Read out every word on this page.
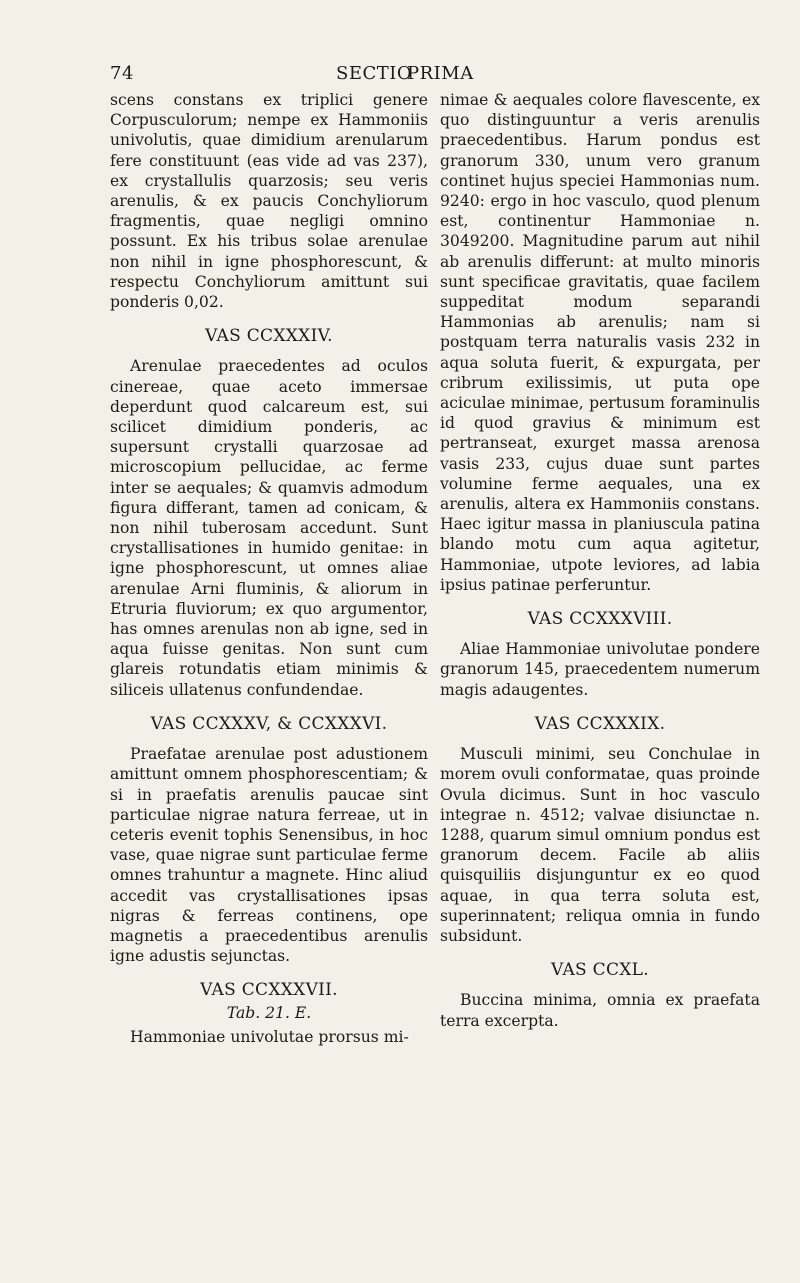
74	SECTIO
PRIMA

scens constans ex triplici genere Corpusculorum; nempe ex Hammoniis univolutis, quae dimidium arenularum fere constituunt (eas vide ad vas 237), ex crystallulis quarzosis; seu veris arenulis, & ex paucis Conchyliorum fragmentis, quae negligi omnino possunt. Ex his tribus solae arenulae non nihil in igne phosphorescunt, & respectu Conchyliorum amittunt sui ponderis 0,02.

VAS CCXXXIV.

Arenulae praecedentes ad oculos cinereae, quae aceto immersae deperdunt quod calcareum est, sui scilicet dimidium ponderis, ac supersunt crystalli quarzosae ad microscopium pellucidae, ac ferme inter se aequales; & quamvis admodum figura differant, tamen ad conicam, & non nihil tuberosam accedunt. Sunt crystallisationes in humido genitae: in igne phosphorescunt, ut omnes aliae arenulae Arni fluminis, & aliorum in Etruria fluviorum; ex quo argumentor, has omnes arenulas non ab igne, sed in aqua fuisse genitas. Non sunt cum glareis rotundatis etiam minimis & siliceis ullatenus confundendae.

VAS CCXXXV, & CCXXXVI.

Praefatae arenulae post adustionem amittunt omnem phosphorescentiam; & si in praefatis arenulis paucae sint particulae nigrae natura ferreae, ut in ceteris evenit tophis Senensibus, in hoc vase, quae nigrae sunt particulae ferme omnes trahuntur a magnete. Hinc aliud accedit vas crystallisationes ipsas nigras & ferreas continens, ope magnetis a praecedentibus arenulis igne adustis sejunctas.

VAS CCXXXVII.
Tab. 21. E.

Hammoniae univolutae prorsus mi-

nimae & aequales colore flavescente, ex quo distinguuntur a veris arenulis praecedentibus. Harum pondus est granorum 330, unum vero granum continet hujus speciei Hammonias num. 9240: ergo in hoc vasculo, quod plenum est, continentur Hammoniae n. 3049200. Magnitudine parum aut nihil ab arenulis differunt: at multo minoris sunt specificae gravitatis, quae facilem suppeditat modum separandi Hammonias ab arenulis; nam si postquam terra naturalis vasis 232 in aqua soluta fuerit, & expurgata, per cribrum exilissimis, ut puta ope aciculae minimae, pertusum foraminulis id quod gravius & minimum est pertranseat, exurget massa arenosa vasis 233, cujus duae sunt partes volumine ferme aequales, una ex arenulis, altera ex Hammoniis constans. Haec igitur massa in planiuscula patina blando motu cum aqua agitetur, Hammoniae, utpote leviores, ad labia ipsius patinae perferuntur.

VAS CCXXXVIII.

Aliae Hammoniae univolutae pondere granorum 145, praecedentem numerum magis adaugentes.

VAS CCXXXIX.

Musculi minimi, seu Conchulae in morem ovuli conformatae, quas proinde Ovula dicimus. Sunt in hoc vasculo integrae n. 4512; valvae disiunctae n. 1288, quarum simul omnium pondus est granorum decem. Facile ab aliis quisquiliis disjunguntur ex eo quod aquae, in qua terra soluta est, superinnatent; reliqua omnia in fundo subsidunt.

VAS CCXL.

Buccina minima, omnia ex praefata terra excerpta.
